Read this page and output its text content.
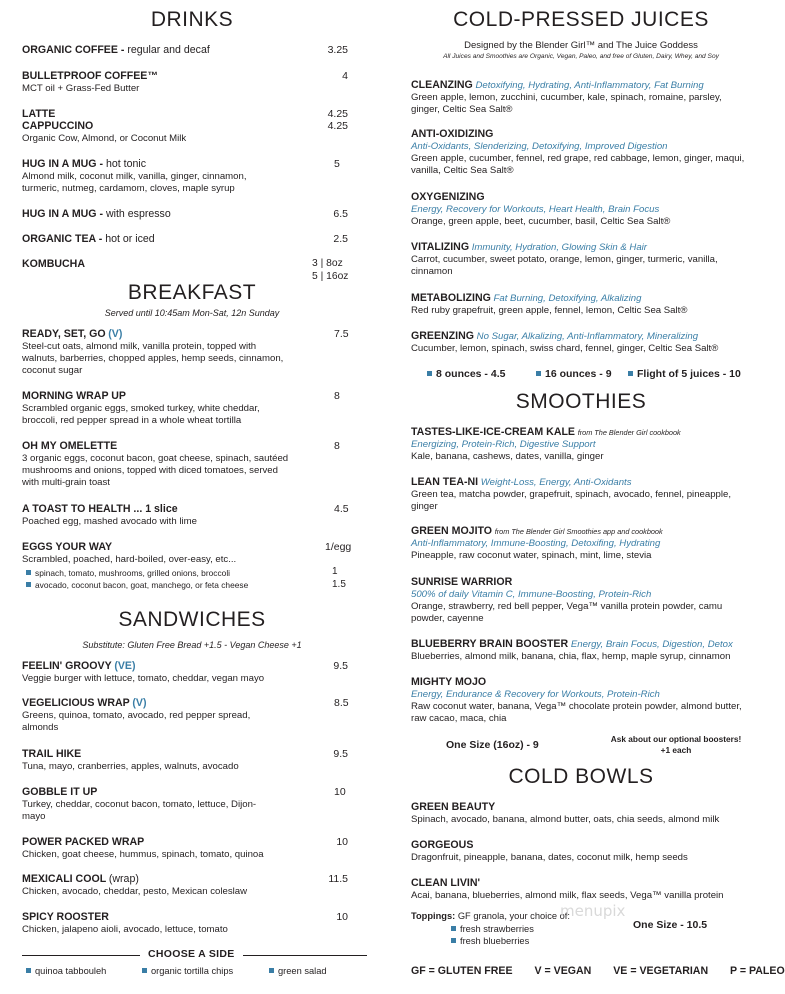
DRINKS
ORGANIC COFFEE - regular and decaf	3.25
BULLETPROOF COFFEE™
MCT oil + Grass-Fed Butter
4
LATTE	4.25
CAPPUCCINO
Organic Cow, Almond, or Coconut Milk
4.25
HUG IN A MUG - hot tonic
Almond milk, coconut milk, vanilla, ginger, cinnamon, turmeric, nutmeg, cardamom, cloves, maple syrup
5
HUG IN A MUG - with espresso	6.5
ORGANIC TEA - hot or iced	2.5
KOMBUCHA	3 | 8oz
5 | 16oz
BREAKFAST
Served until 10:45am Mon-Sat, 12n Sunday
READY, SET, GO (V)
Steel-cut oats, almond milk, vanilla protein, topped with walnuts, barberries, chopped apples, hemp seeds, cinnamon, coconut sugar
7.5
MORNING WRAP UP
Scrambled organic eggs, smoked turkey, white cheddar, broccoli, red pepper spread in a whole wheat tortilla
8
OH MY OMELETTE
3 organic eggs, coconut bacon, goat cheese, spinach, sautéed mushrooms and onions, topped with diced tomatoes, served with multi-grain toast
8
A TOAST TO HEALTH ... 1 slice
Poached egg, mashed avocado with lime
4.5
EGGS YOUR WAY
Scrambled, poached, hard-boiled, over-easy, etc...
1/egg
spinach, tomato, mushrooms, grilled onions, broccoli	1
avocado, coconut bacon, goat, manchego, or feta cheese	1.5
SANDWICHES
Substitute: Gluten Free Bread +1.5 - Vegan Cheese +1
FEELIN' GROOVY (VE)
Veggie burger with lettuce, tomato, cheddar, vegan mayo
9.5
VEGELICIOUS WRAP (V)
Greens, quinoa, tomato, avocado, red pepper spread, almonds
8.5
TRAIL HIKE
Tuna, mayo, cranberries, apples, walnuts, avocado
9.5
GOBBLE IT UP
Turkey, cheddar, coconut bacon, tomato, lettuce, Dijon-mayo
10
POWER PACKED WRAP
Chicken, goat cheese, hummus, spinach, tomato, quinoa
10
MEXICALI COOL (wrap)
Chicken, avocado, cheddar, pesto, Mexican coleslaw
11.5
SPICY ROOSTER
Chicken, jalapeno aioli, avocado, lettuce, tomato
10
CHOOSE A SIDE
quinoa tabbouleh	organic tortilla chips	green salad
COLD-PRESSED JUICES
Designed by the Blender Girl™ and The Juice Goddess
All Juices and Smoothies are Organic, Vegan, Paleo, and free of Gluten, Dairy, Whey, and Soy
CLEANZING Detoxifying, Hydrating, Anti-Inflammatory, Fat Burning
Green apple, lemon, zucchini, cucumber, kale, spinach, romaine, parsley, ginger, Celtic Sea Salt®
ANTI-OXIDIZING
Anti-Oxidants, Slenderizing, Detoxifying, Improved Digestion
Green apple, cucumber, fennel, red grape, red cabbage, lemon, ginger, maqui, vanilla, Celtic Sea Salt®
OXYGENIZING
Energy, Recovery for Workouts, Heart Health, Brain Focus
Orange, green apple, beet, cucumber, basil, Celtic Sea Salt®
VITALIZING Immunity, Hydration, Glowing Skin & Hair
Carrot, cucumber, sweet potato, orange, lemon, ginger, turmeric, vanilla, cinnamon
METABOLIZING Fat Burning, Detoxifying, Alkalizing
Red ruby grapefruit, green apple, fennel, lemon, Celtic Sea Salt®
GREENZING No Sugar, Alkalizing, Anti-Inflammatory, Mineralizing
Cucumber, lemon, spinach, swiss chard, fennel, ginger, Celtic Sea Salt®
8 ounces - 4.5	16 ounces - 9	Flight of 5 juices - 10
SMOOTHIES
TASTES-LIKE-ICE-CREAM KALE from The Blender Girl cookbook
Energizing, Protein-Rich, Digestive Support
Kale, banana, cashews, dates, vanilla, ginger
LEAN TEA-NI Weight-Loss, Energy, Anti-Oxidants
Green tea, matcha powder, grapefruit, spinach, avocado, fennel, pineapple, ginger
GREEN MOJITO from The Blender Girl Smoothies app and cookbook
Anti-Inflammatory, Immune-Boosting, Detoxifing, Hydrating
Pineapple, raw coconut water, spinach, mint, lime, stevia
SUNRISE WARRIOR
500% of daily Vitamin C, Immune-Boosting, Protein-Rich
Orange, strawberry, red bell pepper, Vega™ vanilla protein powder, camu powder, cayenne
BLUEBERRY BRAIN BOOSTER Energy, Brain Focus, Digestion, Detox
Blueberries, almond milk, banana, chia, flax, hemp, maple syrup, cinnamon
MIGHTY MOJO
Energy, Endurance & Recovery for Workouts, Protein-Rich
Raw coconut water, banana, Vega™ chocolate protein powder, almond butter, raw cacao, maca, chia
One Size (16oz) - 9	Ask about our optional boosters!
+1 each
COLD BOWLS
GREEN BEAUTY
Spinach, avocado, banana, almond butter, oats, chia seeds, almond milk
GORGEOUS
Dragonfruit, pineapple, banana, dates, coconut milk, hemp seeds
CLEAN LIVIN'
Acai, banana, blueberries, almond milk, flax seeds, Vega™ vanilla protein
Toppings: GF granola, your choice of:
fresh strawberries
fresh blueberries
One Size - 10.5
GF = GLUTEN FREE V = VEGAN VE = VEGETARIAN P = PALEO
menupix
